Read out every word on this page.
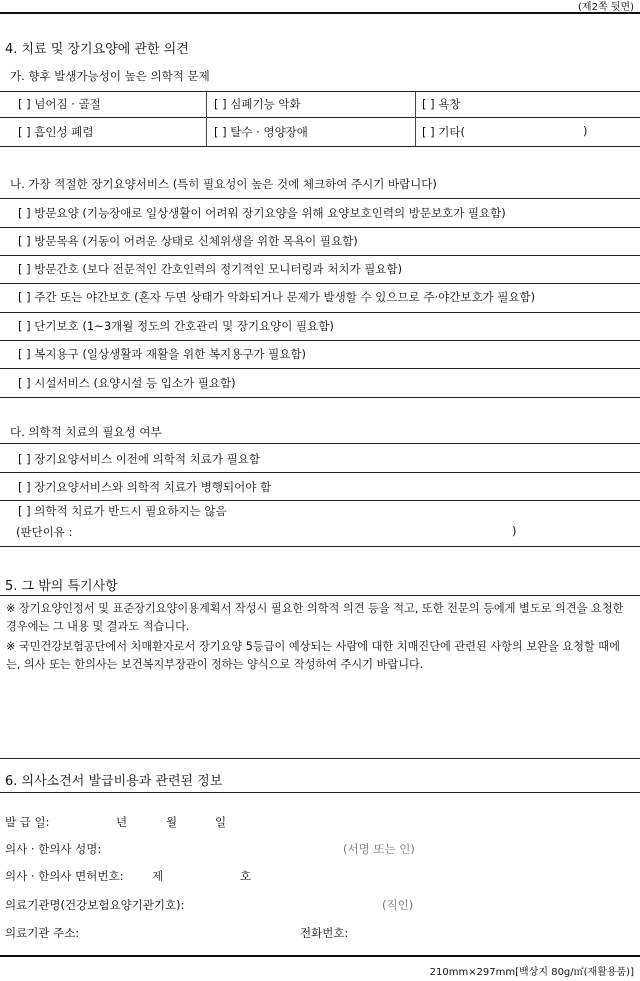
(제2쪽 뒷면)
4. 치료 및 장기요양에 관한 의견
가. 향후 발생가능성이 높은 의학적 문제
[ ] 넘어짐 · 골절	[ ] 심폐기능 악화	[ ] 욕창
[ ] 흡인성 폐렴	[ ] 탈수 · 영양장애	[ ] 기타(	)
나. 가장 적절한 장기요양서비스 (특히 필요성이 높은 것에 체크하여 주시기 바랍니다)
[ ] 방문요양 (기능장애로 일상생활이 어려워 장기요양을 위해 요양보호인력의 방문보호가 필요함)
[ ] 방문목욕 (거동이 어려운 상태로 신체위생을 위한 목욕이 필요함)
[ ] 방문간호 (보다 전문적인 간호인력의 정기적인 모니터링과 처치가 필요함)
[ ] 주간 또는 야간보호 (혼자 두면 상태가 악화되거나 문제가 발생할 수 있으므로 주·야간보호가 필요함)
[ ] 단기보호 (1~3개월 정도의 간호관리 및 장기요양이 필요함)
[ ] 복지용구 (일상생활과 재활을 위한 복지용구가 필요함)
[ ] 시설서비스 (요양시설 등 입소가 필요함)
다. 의학적 치료의 필요성 여부
[ ] 장기요양서비스 이전에 의학적 치료가 필요함
[ ] 장기요양서비스와 의학적 치료가 병행되어야 함
[ ] 의학적 치료가 반드시 필요하지는 않음
(판단이유 :	)
5. 그 밖의 특기사항
※ 장기요양인정서 및 표준장기요양이용계획서 작성시 필요한 의학적 의견 등을 적고, 또한 전문의 등에게 별도로 의견을 요청한 경우에는 그 내용 및 결과도 적습니다.
※ 국민건강보험공단에서 치매환자로서 장기요양 5등급이 예상되는 사람에 대한 치매진단에 관련된 사항의 보완을 요청할 때에는, 의사 또는 한의사는 보건복지부장관이 정하는 양식으로 작성하여 주시기 바랍니다.
6. 의사소견서 발급비용과 관련된 정보
발 급 일:	년	월	일
의사 · 한의사 성명:	(서명 또는 인)
의사 · 한의사 면허번호: 제	호
의료기관명(건강보험요양기관기호):	(직인)
의료기관 주소:	전화번호:
210mm×297mm[백상지 80g/㎡(재활용품)]
